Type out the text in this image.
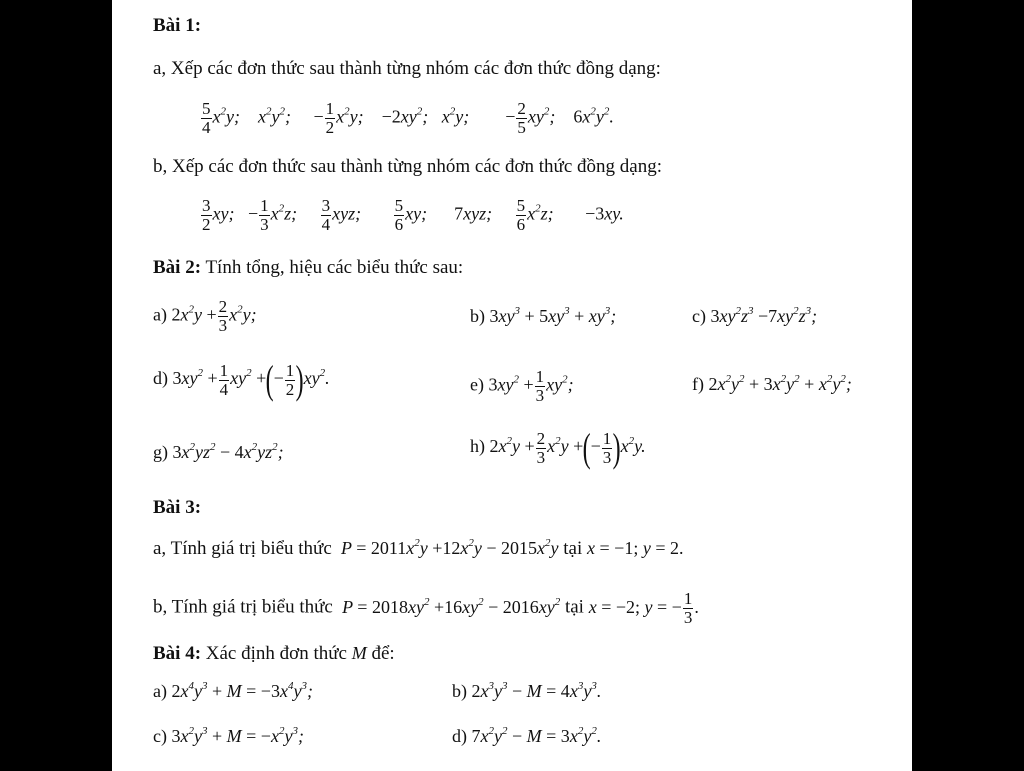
Bài 1:
a, Xếp các đơn thức sau thành từng nhóm các đơn thức đồng dạng:
$\frac{5}{4} x^2y$;    $x^2y^2$;     − $\frac{1}{2} x^2y$;    $-2xy^2$;   $x^2y$;        − $\frac{2}{5} xy^2$;    $6x^2y^2$.
b, Xếp các đơn thức sau thành từng nhóm các đơn thức đồng dạng:
$\frac{3}{2}$ xy;   − $\frac{1}{3} x^2z$; $\frac{3}{4}$ xyz; $\frac{5}{6}$ xy;      7xyz; $\frac{5}{6} x^2z$;       −3xy.
Bài 2: Tính tổng, hiệu các biểu thức sau:
a) $2x^2y + \frac{2}{3} x^2y$;	b) $3xy^3 + 5xy^3 + xy^3$;	c) $3xy^2z^3 -7xy^2z^3$;
d) $3xy^2 + \frac{1}{4} xy^2$ +(− $\frac{1}{2} )xy^2$.	e) $3xy^2 + \frac{1}{3} xy^2$;	f) $2x^2y^2 + 3x^2y^2 + x^2y^2$;
g) $3x^2yz^2 - 4x^2yz^2$;	h) $2x^2y + \frac{2}{3} x^2y$ +(− $\frac{1}{3} )x^2y$.
Bài 3:
a, Tính giá trị biểu thức  $P = 2011x^2y +12x^2y - 2015x^2y$ tại x = −1; y = 2.
b, Tính giá trị biểu thức  $P = 2018xy^2 +16xy^2 - 2016xy^2$ tại x = −2; y = − $\frac{1}{3}$ .
Bài 4: Xác định đơn thức M để:
a) $2x^4y^3 + M = -3x^4y^3$;	b) $2x^3y^3 - M = 4x^3y^3$.
c) $3x^2y^3 + M = -x^2y^3$;	d) $7x^2y^2 - M = 3x^2y^2$.
